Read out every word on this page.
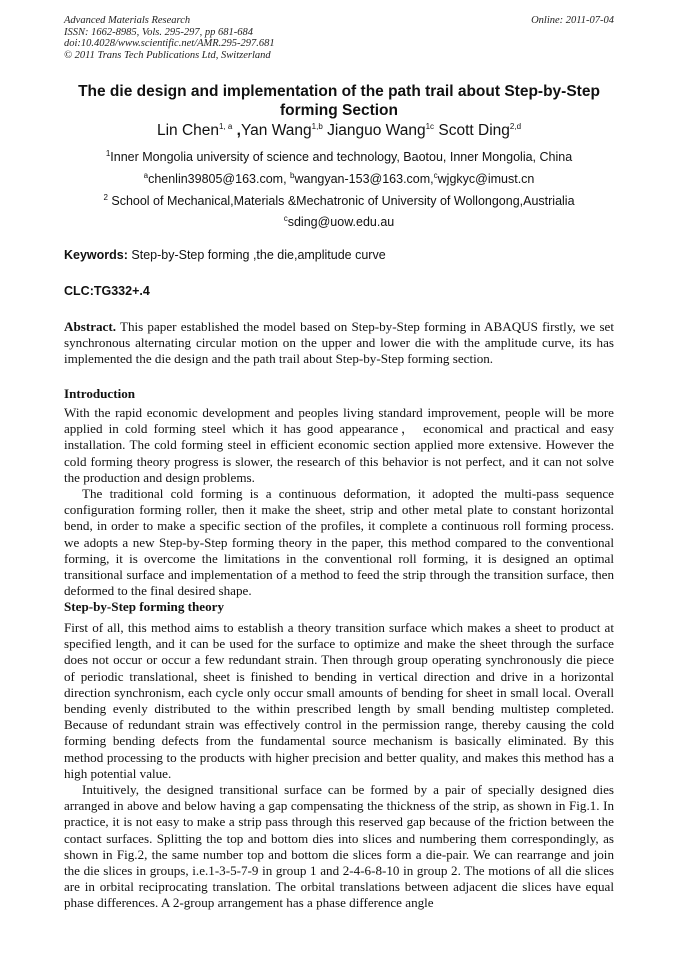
Advanced Materials Research
ISSN: 1662-8985, Vols. 295-297, pp 681-684
doi:10.4028/www.scientific.net/AMR.295-297.681
© 2011 Trans Tech Publications Ltd, Switzerland
Online: 2011-07-04
The die design and implementation of the path trail about Step-by-Step forming Section
Lin Chen$^{1, a}$ ,Yan Wang$^{1,b}$ Jianguo Wang$^{1c}$ Scott Ding$^{2,d}$
$^1$Inner Mongolia university of science and technology, Baotou, Inner Mongolia, China
$^a$chenlin39805@163.com, $^b$wangyan-153@163.com,$^c$wjgkyc@imust.cn
$^2$ School of Mechanical,Materials &Mechatronic of University of Wollongong,Austrialia
$^c$sding@uow.edu.au
Keywords: Step-by-Step forming ,the die,amplitude curve
CLC:TG332+.4
Abstract. This paper established the model based on Step-by-Step forming in ABAQUS firstly, we set synchronous alternating circular motion on the upper and lower die with the amplitude curve, its has implemented the die design and the path trail about Step-by-Step forming section.
Introduction

With the rapid economic development and peoples living standard improvement, people will be more applied in cold forming steel which it has good appearance， economical and practical and easy installation. The cold forming steel in efficient economic section applied more extensive. However the cold forming theory progress is slower, the research of this behavior is not perfect, and it can not solve the production and design problems.

The traditional cold forming is a continuous deformation, it adopted the multi-pass sequence configuration forming roller, then it make the sheet, strip and other metal plate to constant horizontal bend, in order to make a specific section of the profiles, it complete a continuous roll forming process. we adopts a new Step-by-Step forming theory in the paper, this method compared to the conventional forming, it is overcome the limitations in the conventional roll forming, it is designed an optimal transitional surface and implementation of a method to feed the strip through the transition surface, then deformed to the final desired shape.

Step-by-Step forming theory

First of all, this method aims to establish a theory transition surface which makes a sheet to product at specified length, and it can be used for the surface to optimize and make the sheet through the surface does not occur or occur a few redundant strain. Then through group operating synchronously die piece of periodic translational, sheet is finished to bending in vertical direction and drive in a horizontal direction synchronism, each cycle only occur small amounts of bending for sheet in small local. Overall bending evenly distributed to the within prescribed length by small bending multistep completed. Because of redundant strain was effectively control in the permission range, thereby causing the cold forming bending defects from the fundamental source mechanism is basically eliminated. By this method processing to the products with higher precision and better quality, and makes this method has a high potential value.

Intuitively, the designed transitional surface can be formed by a pair of specially designed dies arranged in above and below having a gap compensating the thickness of the strip, as shown in Fig.1. In practice, it is not easy to make a strip pass through this reserved gap because of the friction between the contact surfaces. Splitting the top and bottom dies into slices and numbering them correspondingly, as shown in Fig.2, the same number top and bottom die slices form a die-pair. We can rearrange and join the die slices in groups, i.e.1-3-5-7-9 in group 1 and 2-4-6-8-10 in group 2. The motions of all die slices are in orbital reciprocating translation. The orbital translations between adjacent die slices have equal phase differences. A 2-group arrangement has a phase difference angle
